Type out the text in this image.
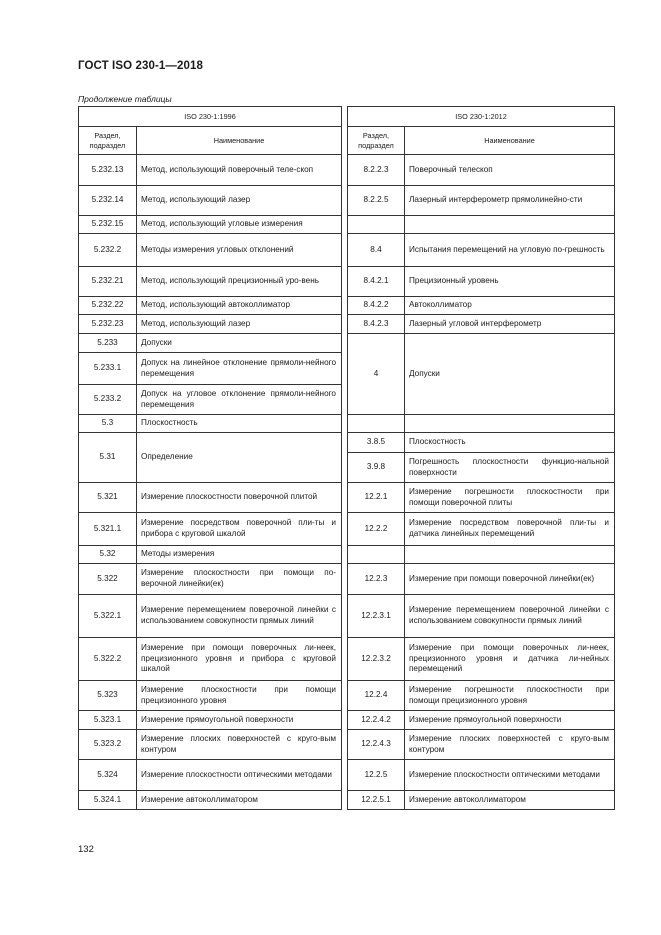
ГОСТ ISO 230-1—2018
Продолжение таблицы
ISO 230-1:1996			ISO 230-1:2012	
Раздел, подраздел	Наименование		Раздел, подраздел	Наименование
5.232.13	Метод, использующий поверочный теле-скоп		8.2.2.3	Поверочный телескоп
5.232.14	Метод, использующий лазер		8.2.2.5	Лазерный интерферометр прямолинейно-сти
5.232.15	Метод, использующий угловые измерения			
5.232.2	Методы измерения угловых отклонений		8.4	Испытания перемещений на угловую по-грешность
5.232.21	Метод, использующий прецизионный уро-вень		8.4.2.1	Прецизионный уровень
5.232.22	Метод, использующий автоколлиматор		8.4.2.2	Автоколлиматор
5.232.23	Метод, использующий лазер		8.4.2.3	Лазерный угловой интерферометр
5.233	Допуски		4	Допуски
5.233.1	Допуск на линейное отклонение прямоли-нейного перемещения			
5.233.2	Допуск на угловое отклонение прямоли-нейного перемещения			
5.3	Плоскостность			
5.31	Определение		3.8.5	Плоскостность
			3.9.8	Погрешность плоскостности функцио-нальной поверхности
5.321	Измерение плоскостности поверочной плитой		12.2.1	Измерение погрешности плоскостности при помощи поверочной плиты
5.321.1	Измерение посредством поверочной пли-ты и прибора с круговой шкалой		12.2.2	Измерение посредством поверочной пли-ты и датчика линейных перемещений
5.32	Методы измерения			
5.322	Измерение плоскостности при помощи по-верочной линейки(ек)		12.2.3	Измерение при помощи поверочной линейки(ек)
5.322.1	Измерение перемещением поверочной линейки с использованием совокупности прямых линий		12.2.3.1	Измерение перемещением поверочной линейки с использованием совокупности прямых линий
5.322.2	Измерение при помощи поверочных ли-неек, прецизионного уровня и прибора с круговой шкалой		12.2.3.2	Измерение при помощи поверочных ли-неек, прецизионного уровня и датчика ли-нейных перемещений
5.323	Измерение плоскостности при помощи прецизионного уровня		12.2.4	Измерение погрешности плоскостности при помощи прецизионного уровня
5.323.1	Измерение прямоугольной поверхности		12.2.4.2	Измерение прямоугольной поверхности
5.323.2	Измерение плоских поверхностей с круго-вым контуром		12.2.4.3	Измерение плоских поверхностей с круго-вым контуром
5.324	Измерение плоскостности оптическими методами		12.2.5	Измерение плоскостности оптическими методами
5.324.1	Измерение автоколлиматором		12.2.5.1	Измерение автоколлиматором
132
